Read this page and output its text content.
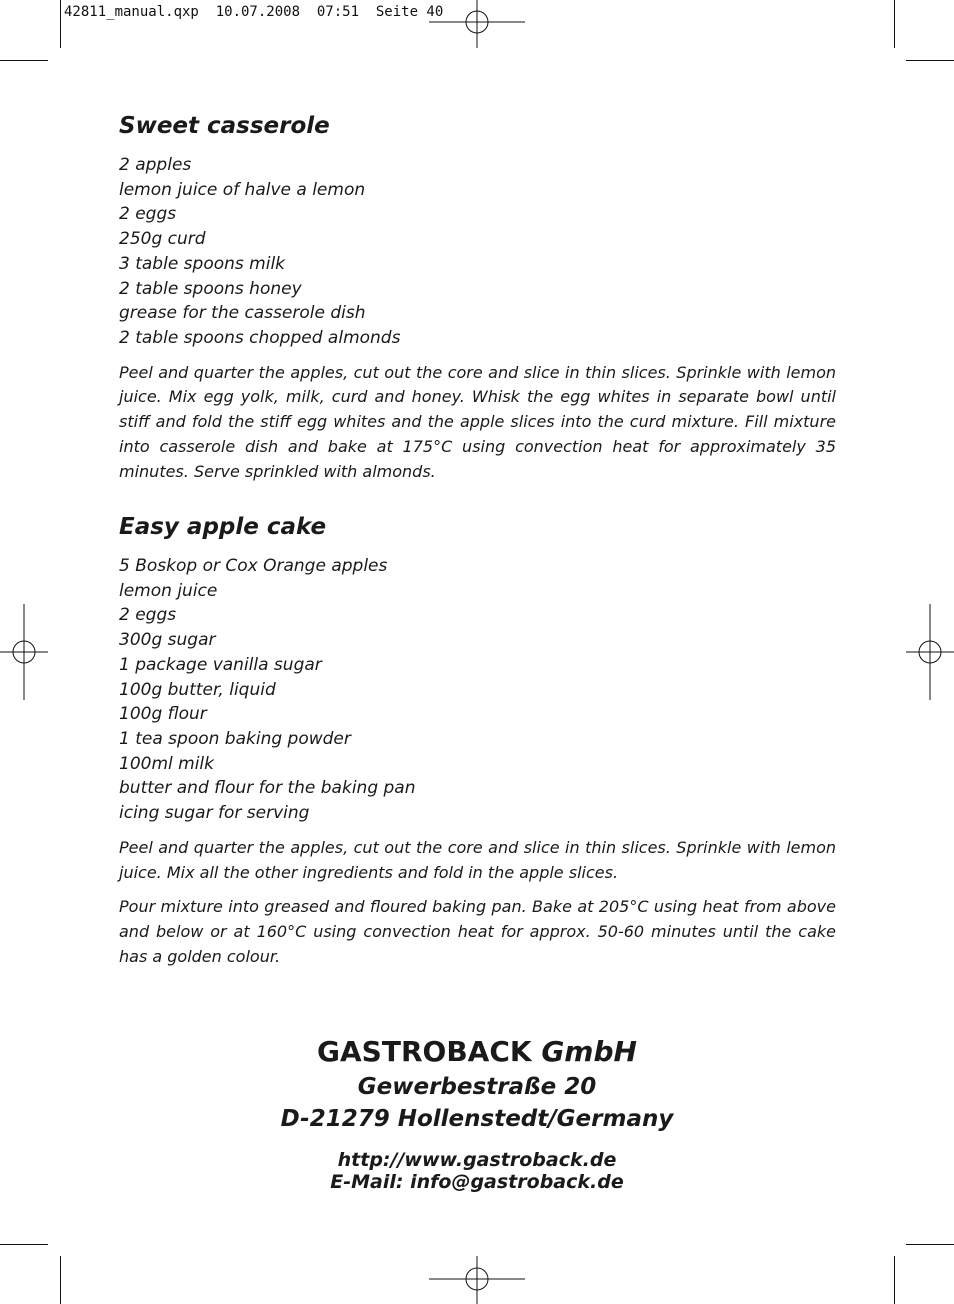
42811_manual.qxp  10.07.2008  07:51  Seite 40
Sweet casserole
2 apples
lemon juice of halve a lemon
2 eggs
250g curd
3 table spoons milk
2 table spoons honey
grease for the casserole dish
2 table spoons chopped almonds

Peel and quarter the apples, cut out the core and slice in thin slices. Sprinkle with lemon juice. Mix egg yolk, milk, curd and honey. Whisk the egg whites in separate bowl until stiff and fold the stiff egg whites and the apple slices into the curd mixture. Fill mixture into casserole dish and bake at 175°C using convection heat for approximately 35 minutes. Serve sprinkled with almonds.

Easy apple cake
5 Boskop or Cox Orange apples
lemon juice
2 eggs
300g sugar
1 package vanilla sugar
100g butter, liquid
100g flour
1 tea spoon baking powder
100ml milk
butter and flour for the baking pan
icing sugar for serving

Peel and quarter the apples, cut out the core and slice in thin slices. Sprinkle with lemon juice. Mix all the other ingredients and fold in the apple slices.

Pour mixture into greased and floured baking pan. Bake at 205°C using heat from above and below or at 160°C using convection heat for approx. 50-60 minutes until the cake has a golden colour.

GASTROBACK GmbH
Gewerbestraße 20
D-21279 Hollenstedt/Germany
http://www.gastroback.de
E-Mail: info@gastroback.de
